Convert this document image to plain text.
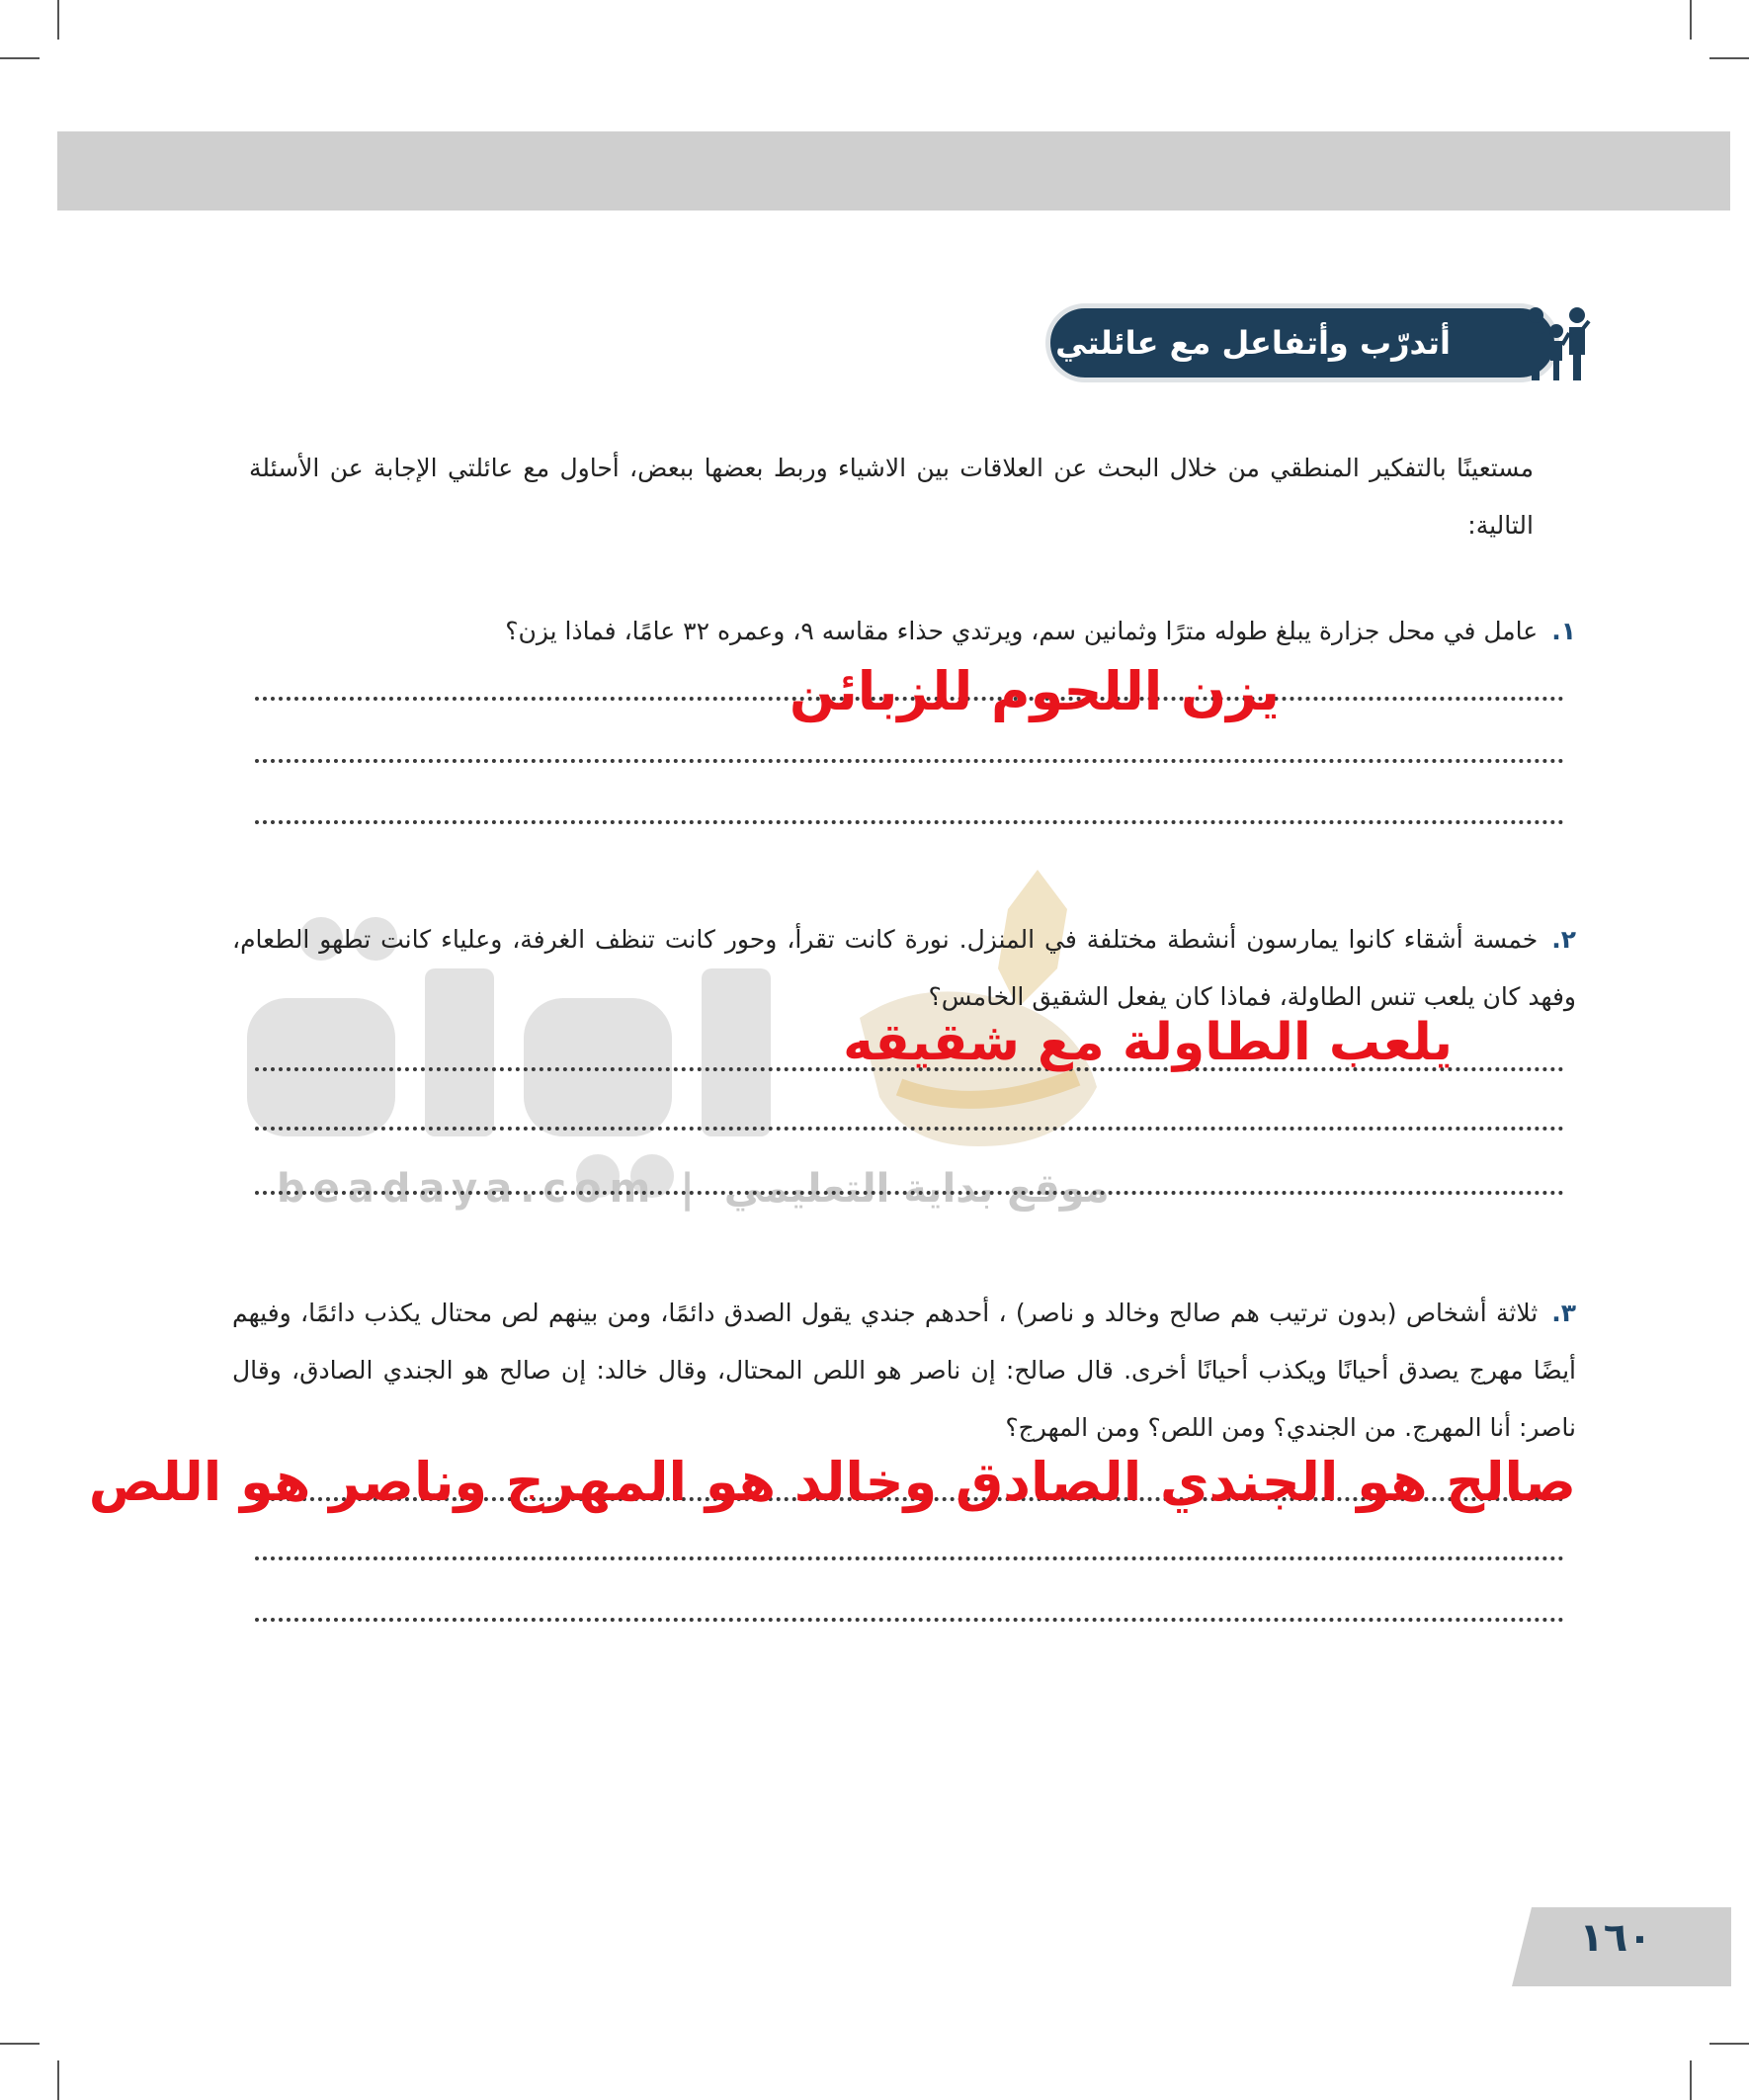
beadaya.com | موقع بداية التعليمي
أتدرّب وأتفاعل مع عائلتي
مستعينًا بالتفكير المنطقي من خلال البحث عن العلاقات بين الاشياء وربط بعضها ببعض، أحاول مع عائلتي الإجابة عن الأسئلة التالية:
١.عامل في محل جزارة يبلغ طوله مترًا وثمانين سم، ويرتدي حذاء مقاسه ٩، وعمره ٣٢ عامًا، فماذا يزن؟
يزن اللحوم للزبائن
٢.خمسة أشقاء كانوا يمارسون أنشطة مختلفة في المنزل. نورة كانت تقرأ، وحور كانت تنظف الغرفة، وعلياء كانت تطهو الطعام، وفهد كان يلعب تنس الطاولة، فماذا كان يفعل الشقيق الخامس؟
يلعب الطاولة مع شقيقه
٣.ثلاثة أشخاص (بدون ترتيب هم صالح وخالد و ناصر) ، أحدهم جندي يقول الصدق دائمًا، ومن بينهم لص محتال يكذب دائمًا، وفيهم أيضًا مهرج يصدق أحيانًا ويكذب أحيانًا أخرى. قال صالح: إن ناصر هو اللص المحتال، وقال خالد: إن صالح هو الجندي الصادق، وقال ناصر: أنا المهرج. من الجندي؟ ومن اللص؟ ومن المهرج؟
صالح هو الجندي الصادق وخالد هو المهرج وناصر هو اللص
١٦٠
